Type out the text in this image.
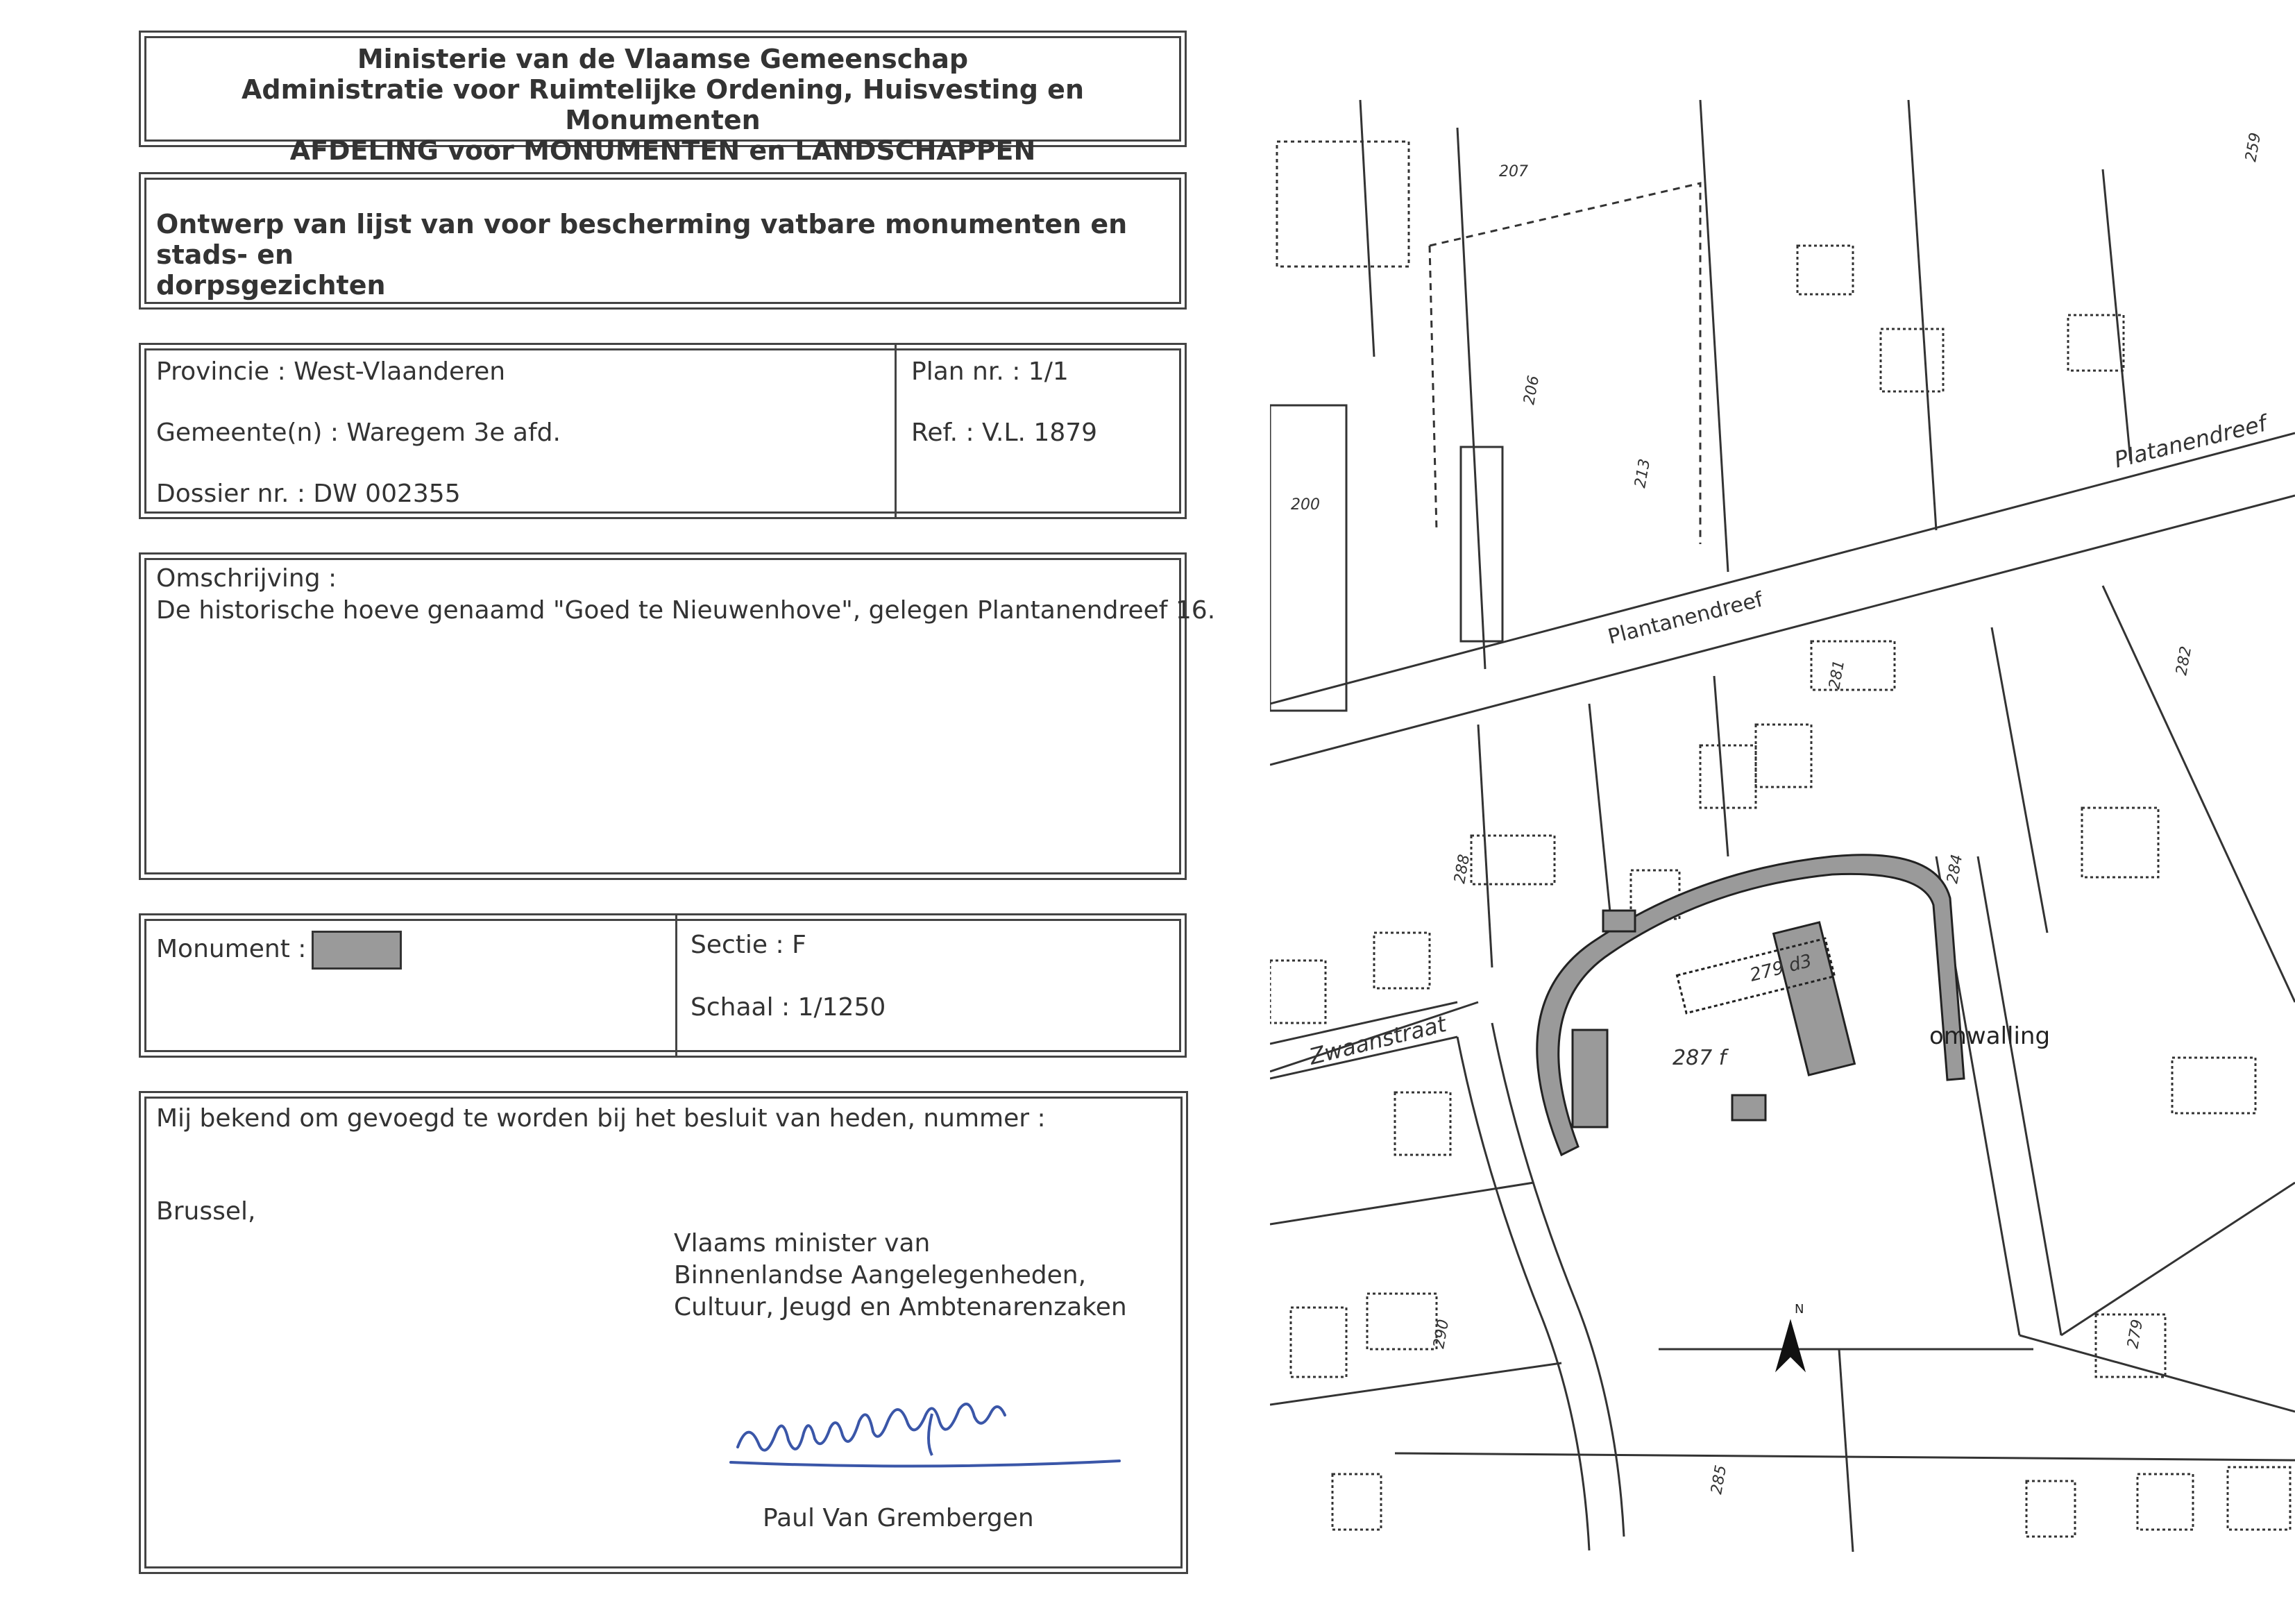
Ministerie van de Vlaamse Gemeenschap
Administratie voor Ruimtelijke Ordening, Huisvesting en Monumenten
AFDELING voor MONUMENTEN en LANDSCHAPPEN
Ontwerp van lijst van voor bescherming vatbare monumenten en stads- en
dorpsgezichten
Provincie : West-Vlaanderen
Gemeente(n) : Waregem 3e afd.
Dossier nr. : DW 002355
Plan nr. : 1/1
Ref. : V.L. 1879
Omschrijving :
De historische hoeve genaamd "Goed te Nieuwenhove", gelegen Plantanendreef 16.
Monument :	Sectie : F
Schaal : 1/1250
Mij bekend om gevoegd te worden bij het besluit van heden, nummer :
Brussel,
Vlaams minister van
Binnenlandse Aangelegenheden,
Cultuur, Jeugd en Ambtenarenzaken
Paul Van Grembergen
Plantanendreef
Platanendreef
Zwaanstraat	omwalling
N
287 f
279 d3
281
284
282
200
213
206
279
285
290
288
207
259
